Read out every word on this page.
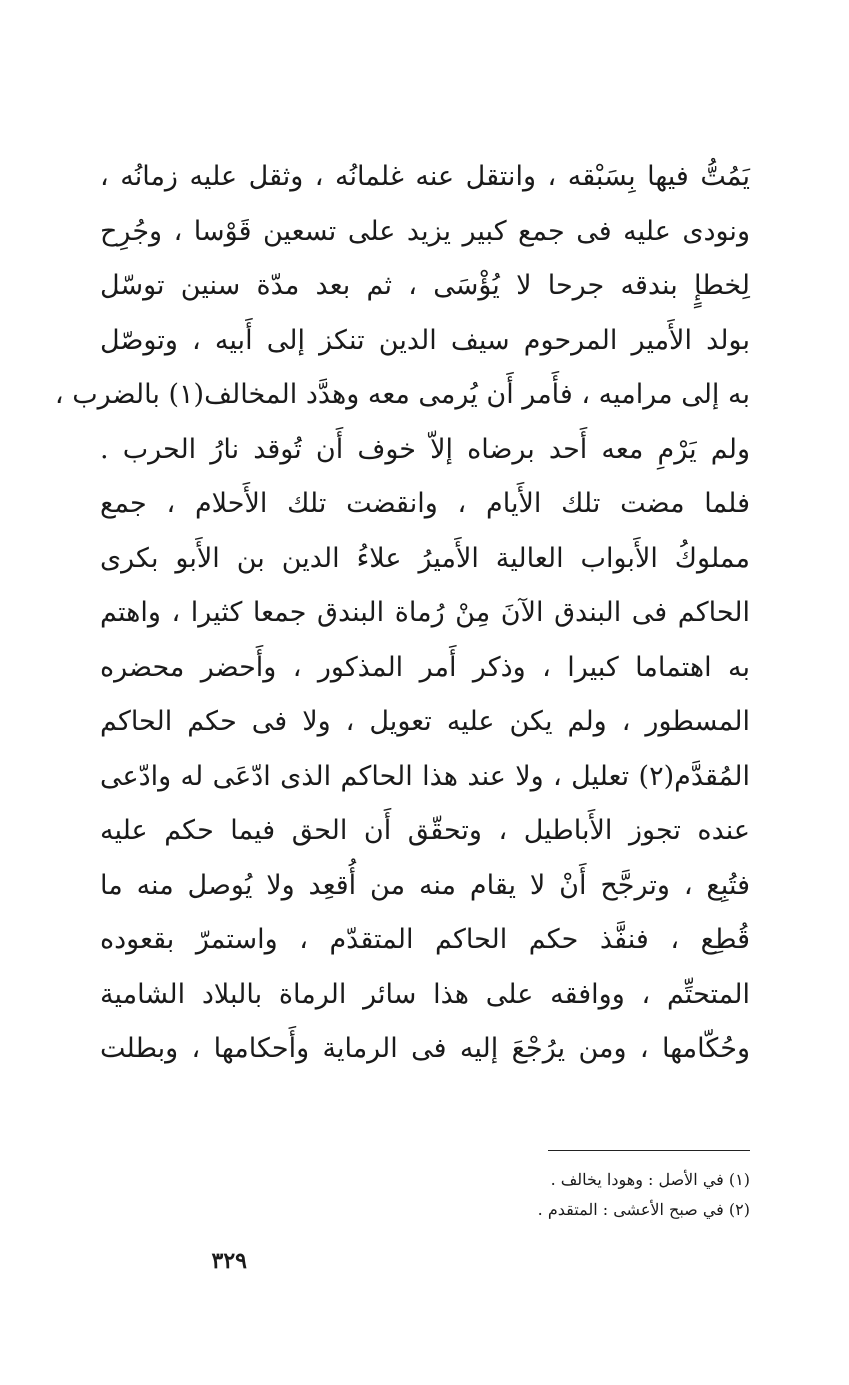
يَمُتُّ فيها بِسَبْقه ، وانتقل عنه غلمانُه ، وثقل عليه زمانُه ،
ونودى عليه فى جمع كبير يزيد على تسعين قَوْسا ، وجُرِح
لِخطإٍ بندقه جرحا لا يُؤْسَى ، ثم بعد مدّة سنين توسّل
بولد الأَمير المرحوم سيف الدين تنكز إلى أَبيه ، وتوصّل
به إلى مراميه ، فأَمر أَن يُرمى معه وهدَّد المخالف(١) بالضرب ،
ولم يَرْمِ معه أَحد برضاه إلاّ خوف أَن تُوقد نارُ الحرب .
فلما مضت تلك الأَيام ، وانقضت تلك الأَحلام ، جمع
مملوكُ الأَبواب العالية الأَميرُ علاءُ الدين بن الأَبو بكرى
الحاكم فى البندق الآنَ مِنْ رُماة البندق جمعا كثيرا ، واهتم
به اهتماما كبيرا ، وذكر أَمر المذكور ، وأَحضر محضره
المسطور ، ولم يكن عليه تعويل ، ولا فى حكم الحاكم
المُقدَّم(٢) تعليل ، ولا عند هذا الحاكم الذى ادّعَى له وادّعى
عنده تجوز الأَباطيل ، وتحقّق أَن الحق فيما حكم عليه
فتُبِع ، وترجَّح أَنْ لا يقام منه من أُقعِد ولا يُوصل منه ما
قُطِع ، فنفَّذ حكم الحاكم المتقدّم ، واستمرّ بقعوده
المتحتِّم ، ووافقه على هذا سائر الرماة بالبلاد الشامية
وحُكّامها ، ومن يرُجْعَ إليه فى الرماية وأَحكامها ، وبطلت
(١) في الأصل : وهودا يخالف .
(٢) في صبح الأعشى : المتقدم .
٣٢٩
